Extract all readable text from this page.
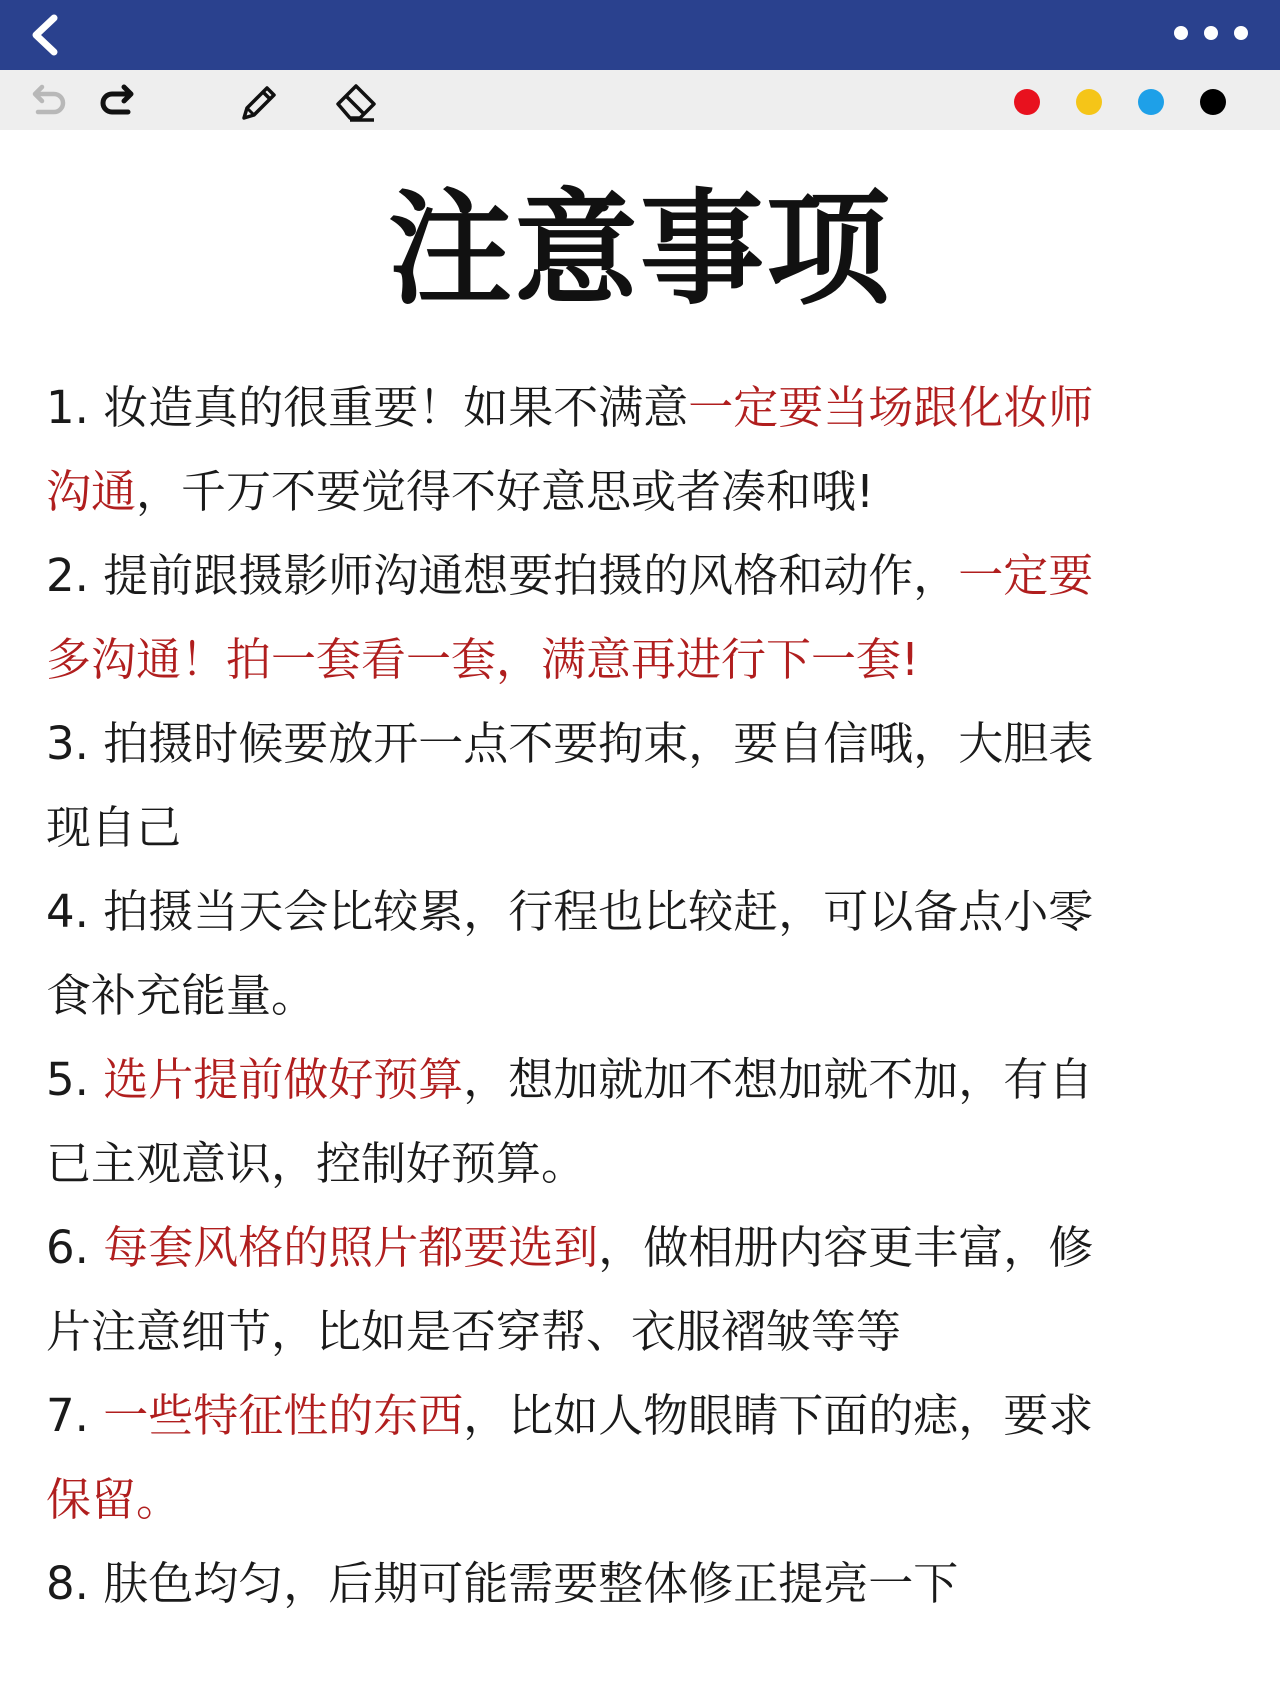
注意事项
1. 妆造真的很重要！如果不满意一定要当场跟化妆师
沟通，千万不要觉得不好意思或者凑和哦!
2. 提前跟摄影师沟通想要拍摄的风格和动作，一定要
多沟通！拍一套看一套，满意再进行下一套!
3. 拍摄时候要放开一点不要拘束，要自信哦，大胆表
现自己
4. 拍摄当天会比较累，行程也比较赶，可以备点小零
食补充能量。
5. 选片提前做好预算，想加就加不想加就不加，有自
已主观意识，控制好预算。
6. 每套风格的照片都要选到，做相册内容更丰富，修
片注意细节，比如是否穿帮、衣服褶皱等等
7. 一些特征性的东西，比如人物眼睛下面的痣，要求
保留。
8. 肤色均匀，后期可能需要整体修正提亮一下
